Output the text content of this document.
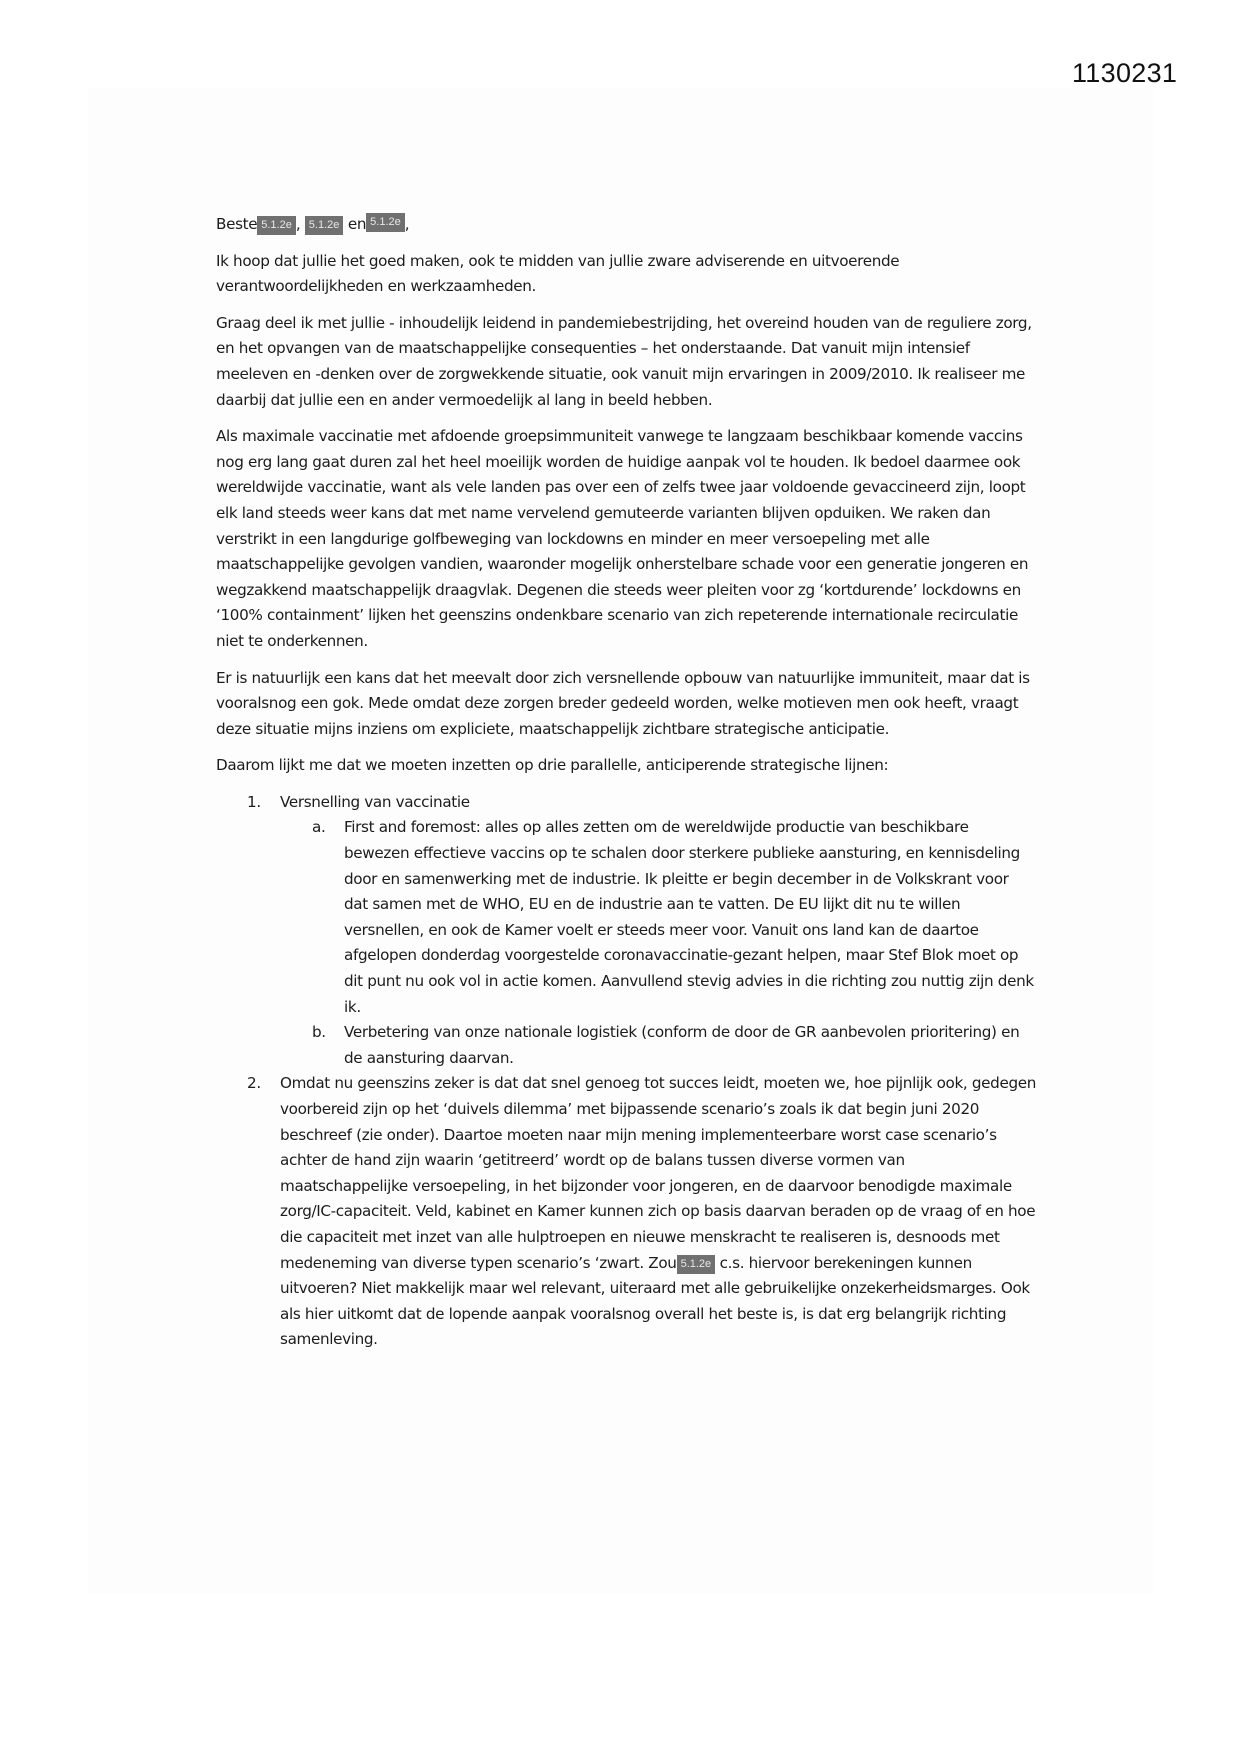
1130231

Beste 5.1.2e , 5.1.2e en 5.1.2e ,

Ik hoop dat jullie het goed maken, ook te midden van jullie zware adviserende en uitvoerende verantwoordelijkheden en werkzaamheden.

Graag deel ik met jullie - inhoudelijk leidend in pandemiebestrijding, het overeind houden van de reguliere zorg, en het opvangen van de maatschappelijke consequenties – het onderstaande. Dat vanuit mijn intensief meeleven en -denken over de zorgwekkende situatie, ook vanuit mijn ervaringen in 2009/2010. Ik realiseer me daarbij dat jullie een en ander vermoedelijk al lang in beeld hebben.

Als maximale vaccinatie met afdoende groepsimmuniteit vanwege te langzaam beschikbaar komende vaccins nog erg lang gaat duren zal het heel moeilijk worden de huidige aanpak vol te houden. Ik bedoel daarmee ook wereldwijde vaccinatie, want als vele landen pas over een of zelfs twee jaar voldoende gevaccineerd zijn, loopt elk land steeds weer kans dat met name vervelend gemuteerde varianten blijven opduiken. We raken dan verstrikt in een langdurige golfbeweging van lockdowns en minder en meer versoepeling met alle maatschappelijke gevolgen vandien, waaronder mogelijk onherstelbare schade voor een generatie jongeren en wegzakkend maatschappelijk draagvlak. Degenen die steeds weer pleiten voor zg ‘kortdurende’ lockdowns en ‘100% containment’ lijken het geenszins ondenkbare scenario van zich repeterende internationale recirculatie niet te onderkennen.

Er is natuurlijk een kans dat het meevalt door zich versnellende opbouw van natuurlijke immuniteit, maar dat is vooralsnog een gok. Mede omdat deze zorgen breder gedeeld worden, welke motieven men ook heeft, vraagt deze situatie mijns inziens om expliciete, maatschappelijk zichtbare strategische anticipatie.

Daarom lijkt me dat we moeten inzetten op drie parallelle, anticiperende strategische lijnen:

1. Versnelling van vaccinatie
a. First and foremost: alles op alles zetten om de wereldwijde productie van beschikbare bewezen effectieve vaccins op te schalen door sterkere publieke aansturing, en kennisdeling door en samenwerking met de industrie. Ik pleitte er begin december in de Volkskrant voor dat samen met de WHO, EU en de industrie aan te vatten. De EU lijkt dit nu te willen versnellen, en ook de Kamer voelt er steeds meer voor. Vanuit ons land kan de daartoe afgelopen donderdag voorgestelde coronavaccinatie-gezant helpen, maar Stef Blok moet op dit punt nu ook vol in actie komen. Aanvullend stevig advies in die richting zou nuttig zijn denk ik.
b. Verbetering van onze nationale logistiek (conform de door de GR aanbevolen prioritering) en de aansturing daarvan.
2. Omdat nu geenszins zeker is dat dat snel genoeg tot succes leidt, moeten we, hoe pijnlijk ook, gedegen voorbereid zijn op het ‘duivels dilemma’ met bijpassende scenario’s zoals ik dat begin juni 2020 beschreef (zie onder). Daartoe moeten naar mijn mening implementeerbare worst case scenario’s achter de hand zijn waarin ‘getitreerd’ wordt op de balans tussen diverse vormen van maatschappelijke versoepeling, in het bijzonder voor jongeren, en de daarvoor benodigde maximale zorg/IC-capaciteit. Veld, kabinet en Kamer kunnen zich op basis daarvan beraden op de vraag of en hoe die capaciteit met inzet van alle hulptroepen en nieuwe menskracht te realiseren is, desnoods met medeneming van diverse typen scenario’s ‘zwart. Zou 5.1.2e c.s. hiervoor berekeningen kunnen uitvoeren? Niet makkelijk maar wel relevant, uiteraard met alle gebruikelijke onzekerheidsmarges. Ook als hier uitkomt dat de lopende aanpak vooralsnog overall het beste is, is dat erg belangrijk richting samenleving.
